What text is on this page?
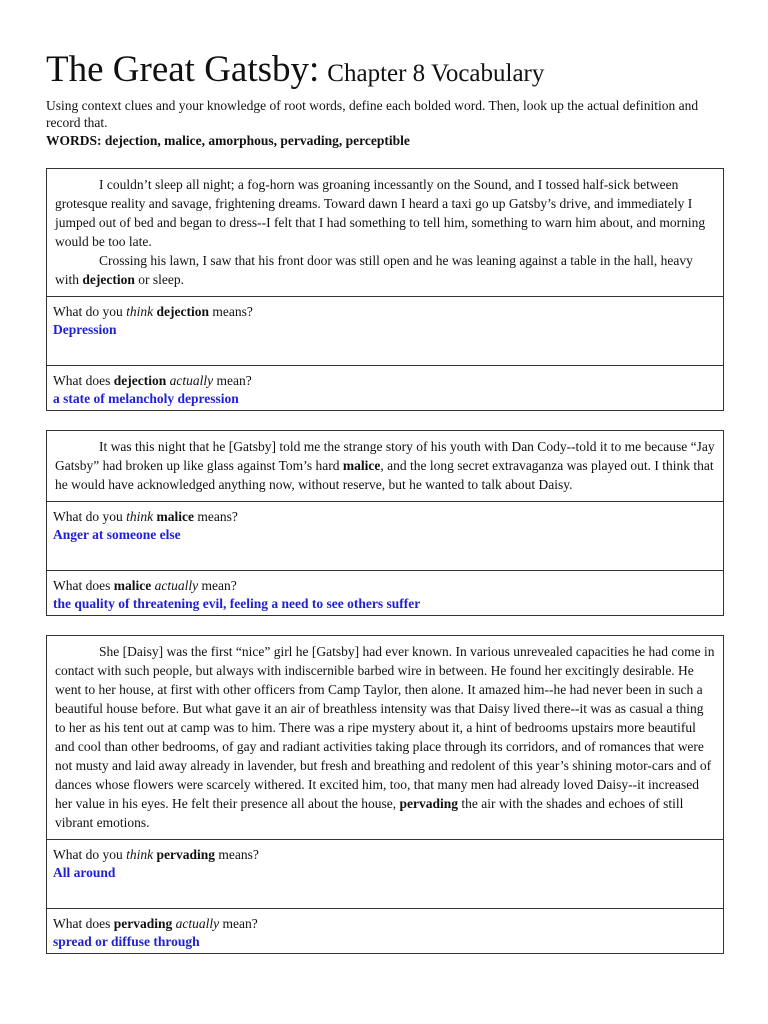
The Great Gatsby: Chapter 8 Vocabulary

Using context clues and your knowledge of root words, define each bolded word. Then, look up the actual definition and record that.

WORDS: dejection, malice, amorphous, pervading, perceptible

I couldn’t sleep all night; a fog-horn was groaning incessantly on the Sound, and I tossed half-sick between grotesque reality and savage, frightening dreams. Toward dawn I heard a taxi go up Gatsby’s drive, and immediately I jumped out of bed and began to dress--I felt that I had something to tell him, something to warn him about, and morning would be too late.

Crossing his lawn, I saw that his front door was still open and he was leaning against a table in the hall, heavy with dejection or sleep.

What do you think dejection means?
Depression
What does dejection actually mean?
a state of melancholy depression

It was this night that he [Gatsby] told me the strange story of his youth with Dan Cody--told it to me because “Jay Gatsby” had broken up like glass against Tom’s hard malice, and the long secret extravaganza was played out. I think that he would have acknowledged anything now, without reserve, but he wanted to talk about Daisy.

What do you think malice means?
Anger at someone else
What does malice actually mean?
the quality of threatening evil, feeling a need to see others suffer

She [Daisy] was the first “nice” girl he [Gatsby] had ever known. In various unrevealed capacities he had come in contact with such people, but always with indiscernible barbed wire in between. He found her excitingly desirable. He went to her house, at first with other officers from Camp Taylor, then alone. It amazed him--he had never been in such a beautiful house before. But what gave it an air of breathless intensity was that Daisy lived there--it was as casual a thing to her as his tent out at camp was to him. There was a ripe mystery about it, a hint of bedrooms upstairs more beautiful and cool than other bedrooms, of gay and radiant activities taking place through its corridors, and of romances that were not musty and laid away already in lavender, but fresh and breathing and redolent of this year’s shining motor-cars and of dances whose flowers were scarcely withered. It excited him, too, that many men had already loved Daisy--it increased her value in his eyes. He felt their presence all about the house, pervading the air with the shades and echoes of still vibrant emotions.

What do you think pervading means?
All around
What does pervading actually mean?
spread or diffuse through
